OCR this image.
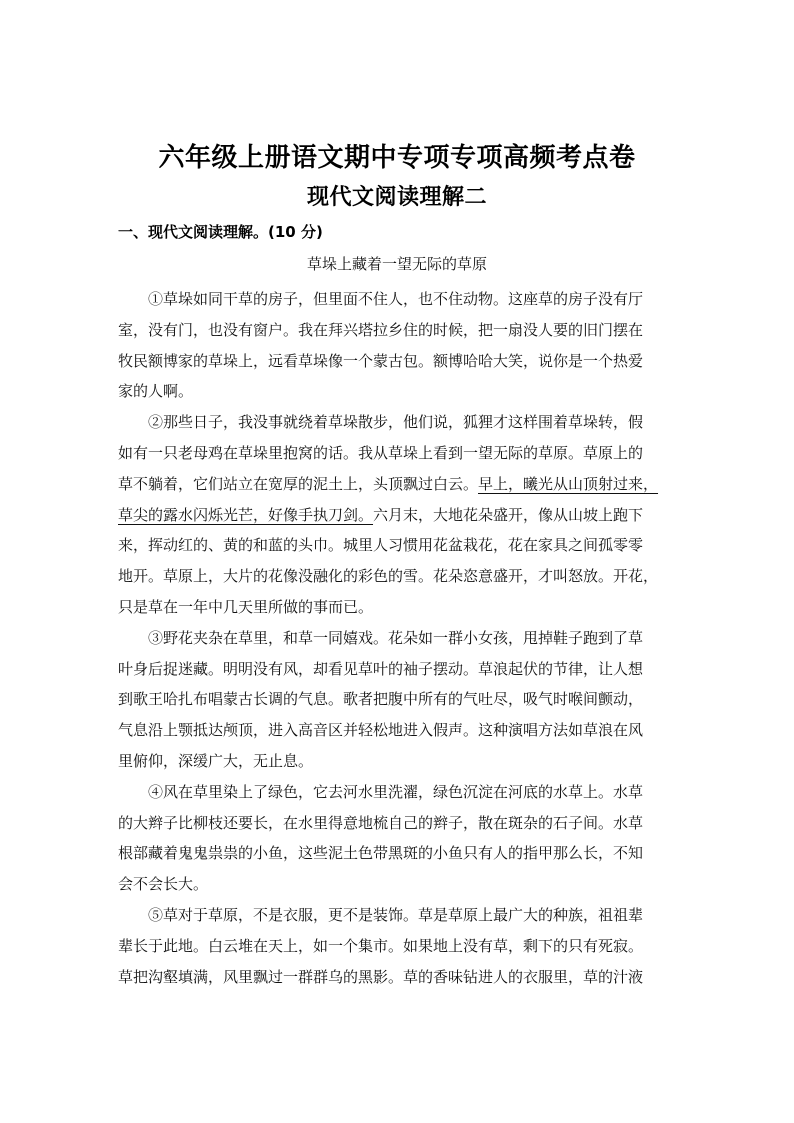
六年级上册语文期中专项专项高频考点卷
现代文阅读理解二
一、现代文阅读理解。(10 分)
草垛上藏着一望无际的草原
①草垛如同干草的房子，但里面不住人，也不住动物。这座草的房子没有厅
室，没有门，也没有窗户。我在拜兴塔拉乡住的时候，把一扇没人要的旧门摆在
牧民额博家的草垛上，远看草垛像一个蒙古包。额博哈哈大笑，说你是一个热爱
家的人啊。
②那些日子，我没事就绕着草垛散步，他们说，狐狸才这样围着草垛转，假
如有一只老母鸡在草垛里抱窝的话。我从草垛上看到一望无际的草原。草原上的
草不躺着，它们站立在宽厚的泥土上，头顶飘过白云。早上，曦光从山顶射过来，
草尖的露水闪烁光芒，好像手执刀剑。六月末，大地花朵盛开，像从山坡上跑下
来，挥动红的、黄的和蓝的头巾。城里人习惯用花盆栽花，花在家具之间孤零零
地开。草原上，大片的花像没融化的彩色的雪。花朵恣意盛开，才叫怒放。开花，
只是草在一年中几天里所做的事而已。
③野花夹杂在草里，和草一同嬉戏。花朵如一群小女孩，甩掉鞋子跑到了草
叶身后捉迷藏。明明没有风，却看见草叶的袖子摆动。草浪起伏的节律，让人想
到歌王哈扎布唱蒙古长调的气息。歌者把腹中所有的气吐尽，吸气时喉间颤动，
气息沿上颚抵达颅顶，进入高音区并轻松地进入假声。这种演唱方法如草浪在风
里俯仰，深缓广大，无止息。
④风在草里染上了绿色，它去河水里洗濯，绿色沉淀在河底的水草上。水草
的大辫子比柳枝还要长，在水里得意地梳自己的辫子，散在斑杂的石子间。水草
根部藏着鬼鬼祟祟的小鱼，这些泥土色带黑斑的小鱼只有人的指甲那么长，不知
会不会长大。
⑤草对于草原，不是衣服，更不是装饰。草是草原上最广大的种族，祖祖辈
辈长于此地。白云堆在天上，如一个集市。如果地上没有草，剩下的只有死寂。
草把沟壑填满，风里飘过一群群乌的黑影。草的香味钻进人的衣服里，草的汁液
